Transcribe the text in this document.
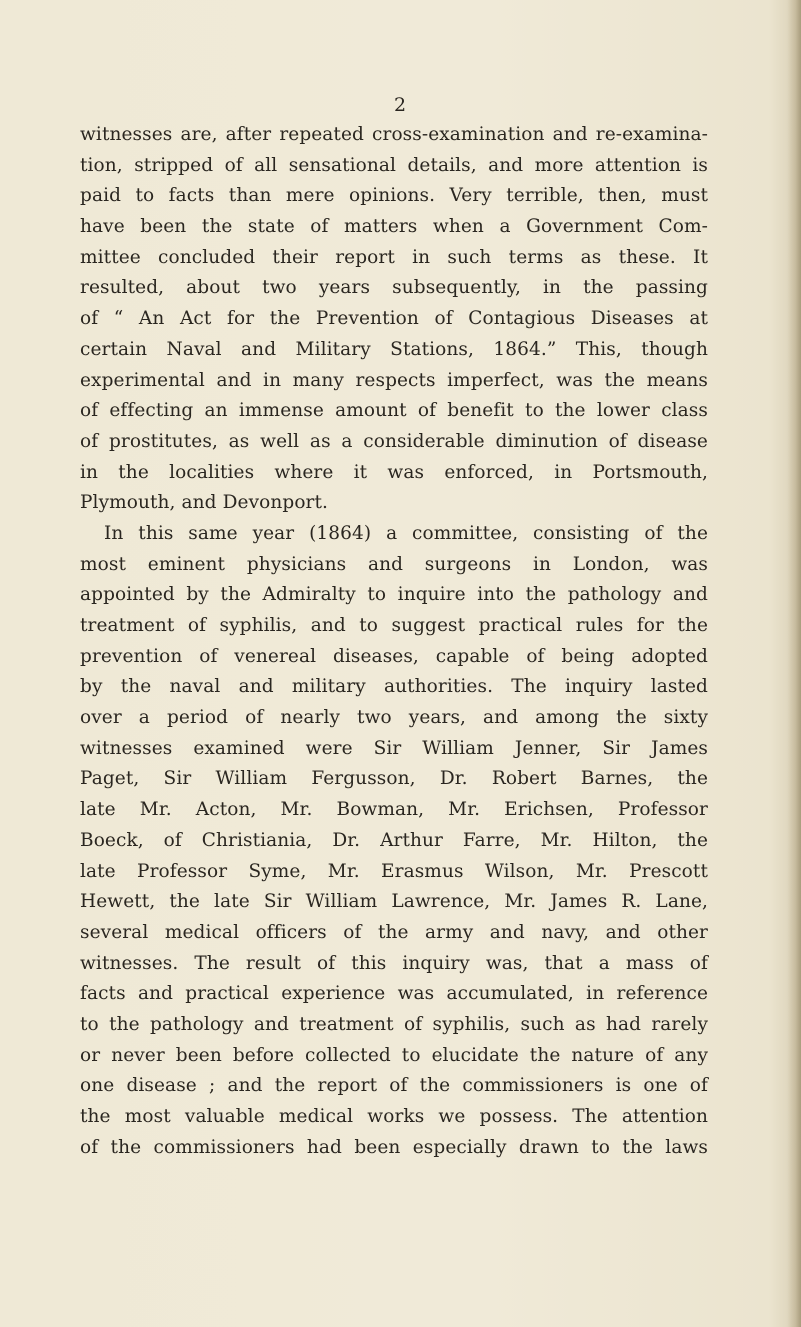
2
witnesses are, after repeated cross-examination and re-examina-
tion, stripped of all sensational details, and more attention is
paid to facts than mere opinions. Very terrible, then, must
have been the state of matters when a Government Com-
mittee concluded their report in such terms as these. It
resulted, about two years subsequently, in the passing
of “ An Act for the Prevention of Contagious Diseases at
certain Naval and Military Stations, 1864.” This, though
experimental and in many respects imperfect, was the means
of effecting an immense amount of benefit to the lower class
of prostitutes, as well as a considerable diminution of disease
in the localities where it was enforced, in Portsmouth,
Plymouth, and Devonport.
In this same year (1864) a committee, consisting of the
most eminent physicians and surgeons in London, was
appointed by the Admiralty to inquire into the pathology and
treatment of syphilis, and to suggest practical rules for the
prevention of venereal diseases, capable of being adopted
by the naval and military authorities. The inquiry lasted
over a period of nearly two years, and among the sixty
witnesses examined were Sir William Jenner, Sir James
Paget, Sir William Fergusson, Dr. Robert Barnes, the
late Mr. Acton, Mr. Bowman, Mr. Erichsen, Professor
Boeck, of Christiania, Dr. Arthur Farre, Mr. Hilton, the
late Professor Syme, Mr. Erasmus Wilson, Mr. Prescott
Hewett, the late Sir William Lawrence, Mr. James R. Lane,
several medical officers of the army and navy, and other
witnesses. The result of this inquiry was, that a mass of
facts and practical experience was accumulated, in reference
to the pathology and treatment of syphilis, such as had rarely
or never been before collected to elucidate the nature of any
one disease ; and the report of the commissioners is one of
the most valuable medical works we possess. The attention
of the commissioners had been especially drawn to the laws
